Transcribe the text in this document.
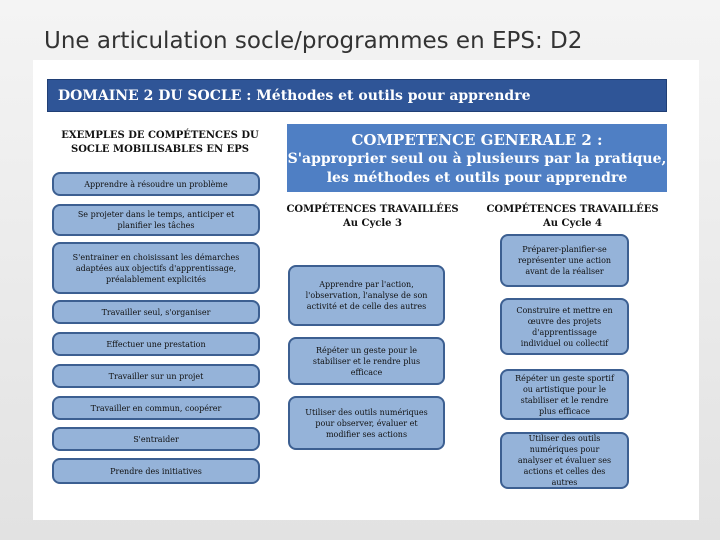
Une articulation socle/programmes en EPS: D2
DOMAINE 2 DU SOCLE : Méthodes et outils pour apprendre
COMPETENCE GENERALE 2 :
S'approprier seul ou à plusieurs par la pratique,
les méthodes et outils pour apprendre
EXEMPLES DE COMPÉTENCES DU
SOCLE MOBILISABLES EN EPS
COMPÉTENCES TRAVAILLÉES
Au Cycle 3
COMPÉTENCES TRAVAILLÉES
Au Cycle 4
Apprendre à résoudre un problème
Se projeter dans le temps, anticiper et planifier les tâches
S'entrainer en choisissant les démarches adaptées aux objectifs d'apprentissage, préalablement explicités
Travailler seul, s'organiser
Effectuer une prestation
Travailler sur un projet
Travailler en commun, coopérer
S'entraider
Prendre des initiatives
Apprendre par l'action, l'observation, l'analyse de son activité et de celle des autres
Répéter un geste pour le stabiliser et le rendre plus efficace
Utiliser des outils numériques pour observer, évaluer et modifier ses actions
Préparer-planifier-se représenter une action avant de la réaliser
Construire et mettre en œuvre des projets d'apprentissage individuel ou collectif
Répéter un geste sportif ou artistique pour le stabiliser et le rendre plus efficace
Utiliser des outils numériques pour analyser et évaluer ses actions et celles des autres
